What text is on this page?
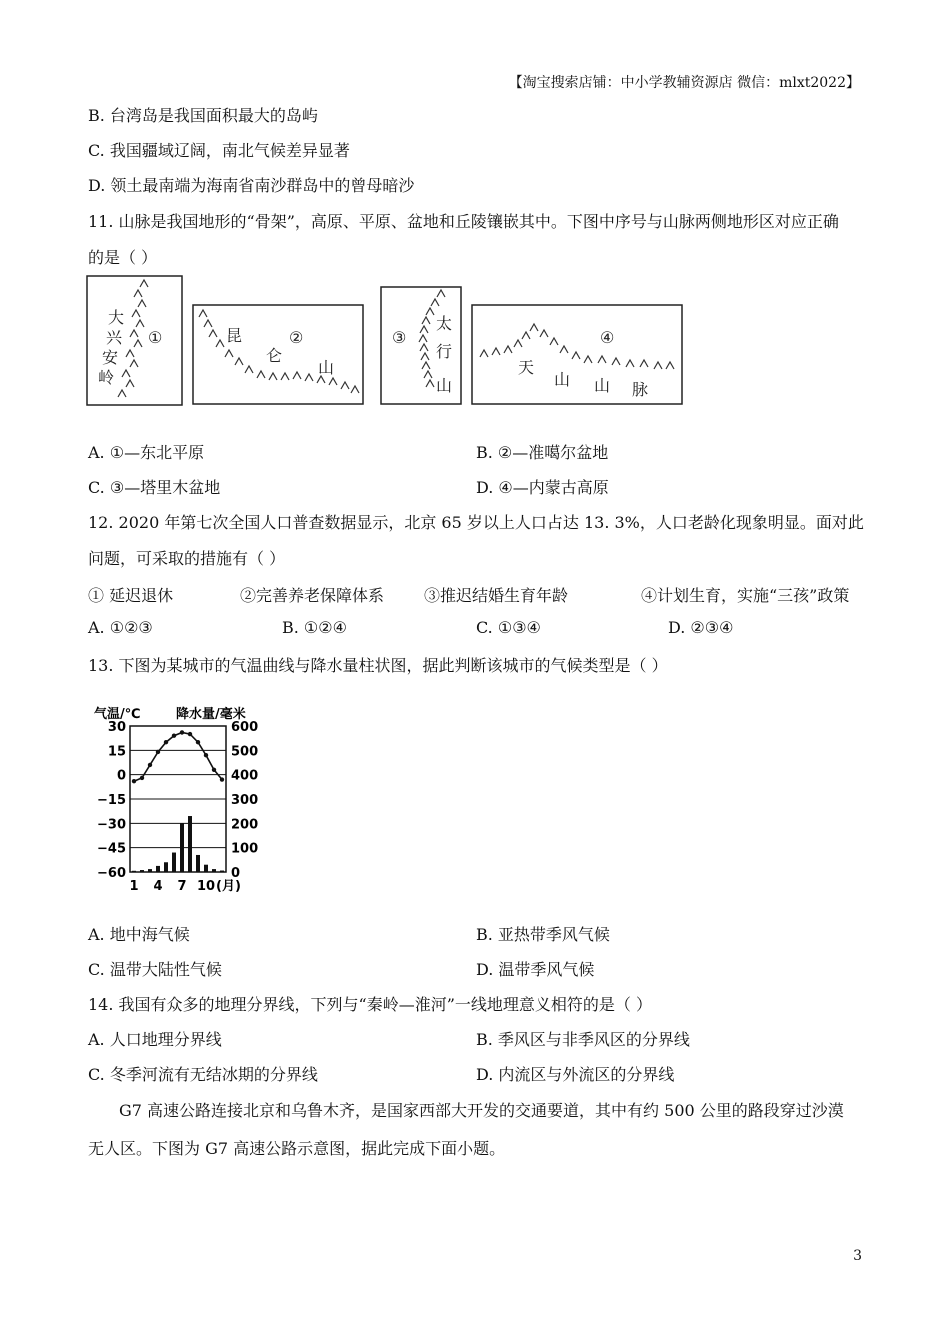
【淘宝搜索店铺：中小学教辅资源店 微信：mlxt2022】
B. 台湾岛是我国面积最大的岛屿
C. 我国疆域辽阔，南北气候差异显著
D. 领土最南端为海南省南沙群岛中的曾母暗沙
11. 山脉是我国地形的“骨架”，高原、平原、盆地和丘陵镶嵌其中。下图中序号与山脉两侧地形区对应正确
的是（ ）
大
兴
安
岭
①	昆
仑
山
②
太
行
山
③
天
山 山 脉
④
A. ①—东北平原	B. ②—准噶尔盆地
C. ③—塔里木盆地	D. ④—内蒙古高原
12. 2020 年第七次全国人口普查数据显示，北京 65 岁以上人口占达 13. 3%，人口老龄化现象明显。面对此
问题，可采取的措施有（ ）
① 延迟退休	②完善养老保障体系 ③推迟结婚生育年龄	④计划生育，实施“三孩”政策
A. ①②③	B. ①②④	C. ①③④	D. ②③④
13. 下图为某城市的气温曲线与降水量柱状图，据此判断该城市的气候类型是（ ）
气温/℃	降水量/毫米
30
15
0
−15
−30
−45
−60
600
500
400
300
200
100
0
1 4 7 10 (月)
A. 地中海气候	B. 亚热带季风气候
C. 温带大陆性气候	D. 温带季风气候
14. 我国有众多的地理分界线，下列与“秦岭—淮河”一线地理意义相符的是（ ）
A. 人口地理分界线	B. 季风区与非季风区的分界线
C. 冬季河流有无结冰期的分界线	D. 内流区与外流区的分界线
G7 高速公路连接北京和乌鲁木齐，是国家西部大开发的交通要道，其中有约 500 公里的路段穿过沙漠
无人区。下图为 G7 高速公路示意图，据此完成下面小题。
3
